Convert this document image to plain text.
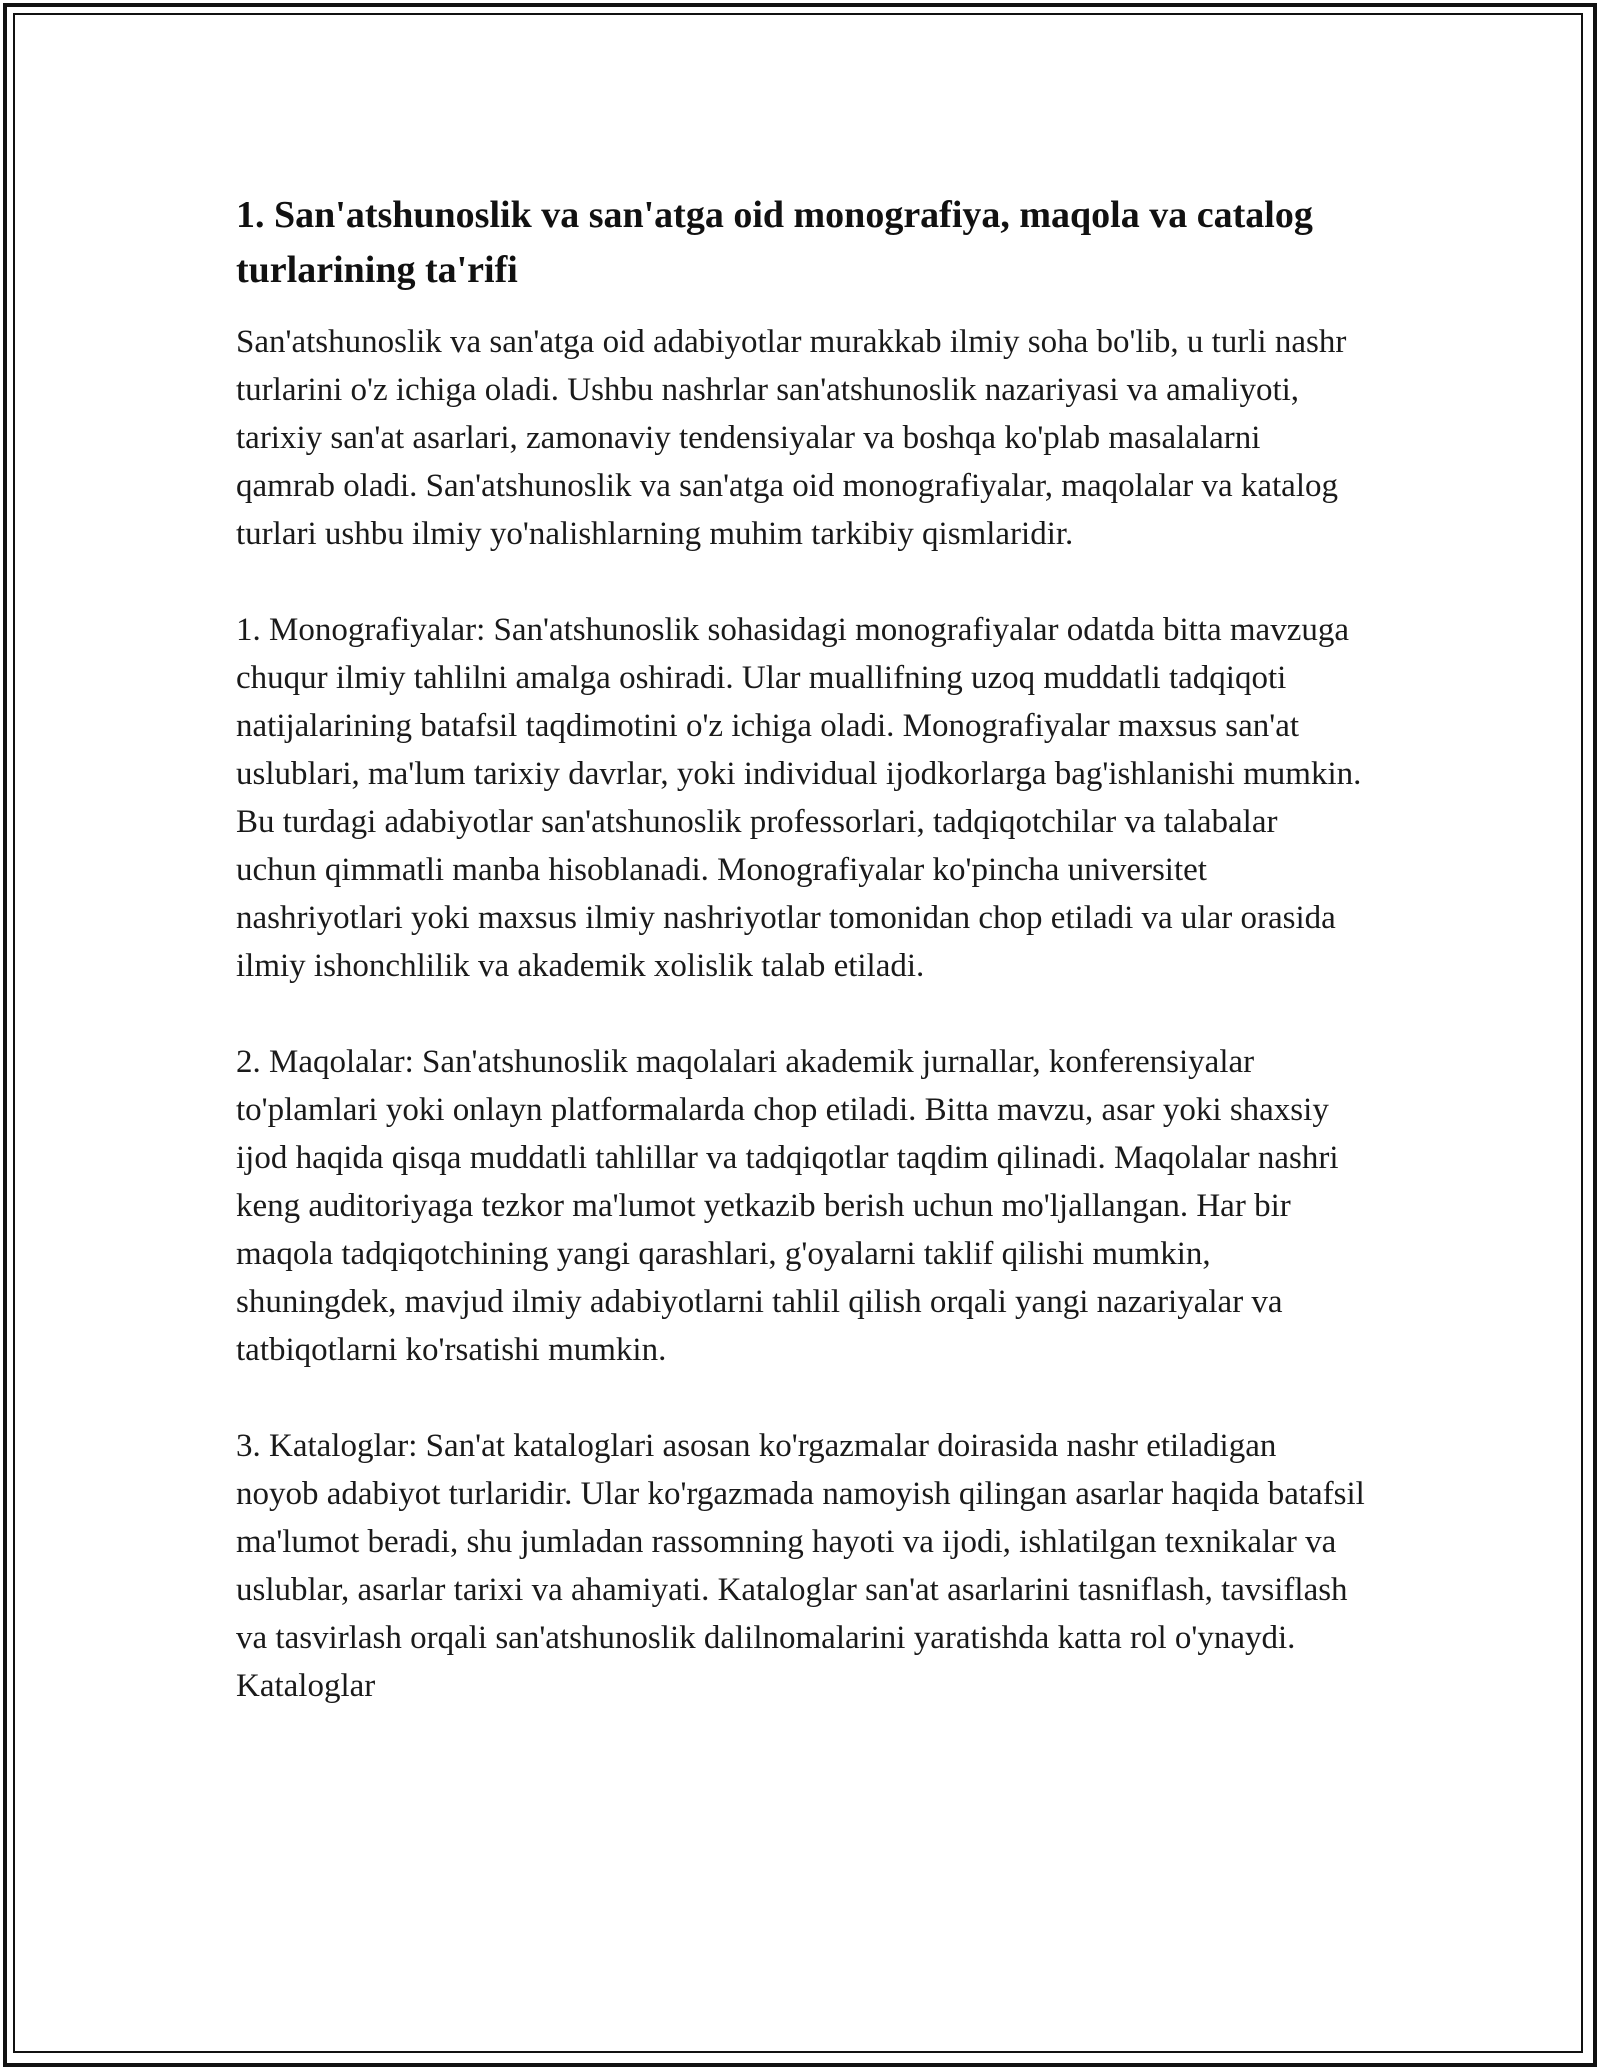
1. San'atshunoslik va san'atga oid monografiya, maqola va catalog turlarining ta'rifi

San'atshunoslik va san'atga oid adabiyotlar murakkab ilmiy soha bo'lib, u turli nashr turlarini o'z ichiga oladi. Ushbu nashrlar san'atshunoslik nazariyasi va amaliyoti, tarixiy san'at asarlari, zamonaviy tendensiyalar va boshqa ko'plab masalalarni qamrab oladi. San'atshunoslik va san'atga oid monografiyalar, maqolalar va katalog turlari ushbu ilmiy yo'nalishlarning muhim tarkibiy qismlaridir.

1. Monografiyalar: San'atshunoslik sohasidagi monografiyalar odatda bitta mavzuga chuqur ilmiy tahlilni amalga oshiradi. Ular muallifning uzoq muddatli tadqiqoti natijalarining batafsil taqdimotini o'z ichiga oladi. Monografiyalar maxsus san'at uslublari, ma'lum tarixiy davrlar, yoki individual ijodkorlarga bag'ishlanishi mumkin. Bu turdagi adabiyotlar san'atshunoslik professorlari, tadqiqotchilar va talabalar uchun qimmatli manba hisoblanadi. Monografiyalar ko'pincha universitet nashriyotlari yoki maxsus ilmiy nashriyotlar tomonidan chop etiladi va ular orasida ilmiy ishonchlilik va akademik xolislik talab etiladi.

2. Maqolalar: San'atshunoslik maqolalari akademik jurnallar, konferensiyalar to'plamlari yoki onlayn platformalarda chop etiladi. Bitta mavzu, asar yoki shaxsiy ijod haqida qisqa muddatli tahlillar va tadqiqotlar taqdim qilinadi. Maqolalar nashri keng auditoriyaga tezkor ma'lumot yetkazib berish uchun mo'ljallangan. Har bir maqola tadqiqotchining yangi qarashlari, g'oyalarni taklif qilishi mumkin, shuningdek, mavjud ilmiy adabiyotlarni tahlil qilish orqali yangi nazariyalar va tatbiqotlarni ko'rsatishi mumkin.

3. Kataloglar: San'at kataloglari asosan ko'rgazmalar doirasida nashr etiladigan noyob adabiyot turlaridir. Ular ko'rgazmada namoyish qilingan asarlar haqida batafsil ma'lumot beradi, shu jumladan rassomning hayoti va ijodi, ishlatilgan texnikalar va uslublar, asarlar tarixi va ahamiyati. Kataloglar san'at asarlarini tasniflash, tavsiflash va tasvirlash orqali san'atshunoslik dalilnomalarini yaratishda katta rol o'ynaydi. Kataloglar
